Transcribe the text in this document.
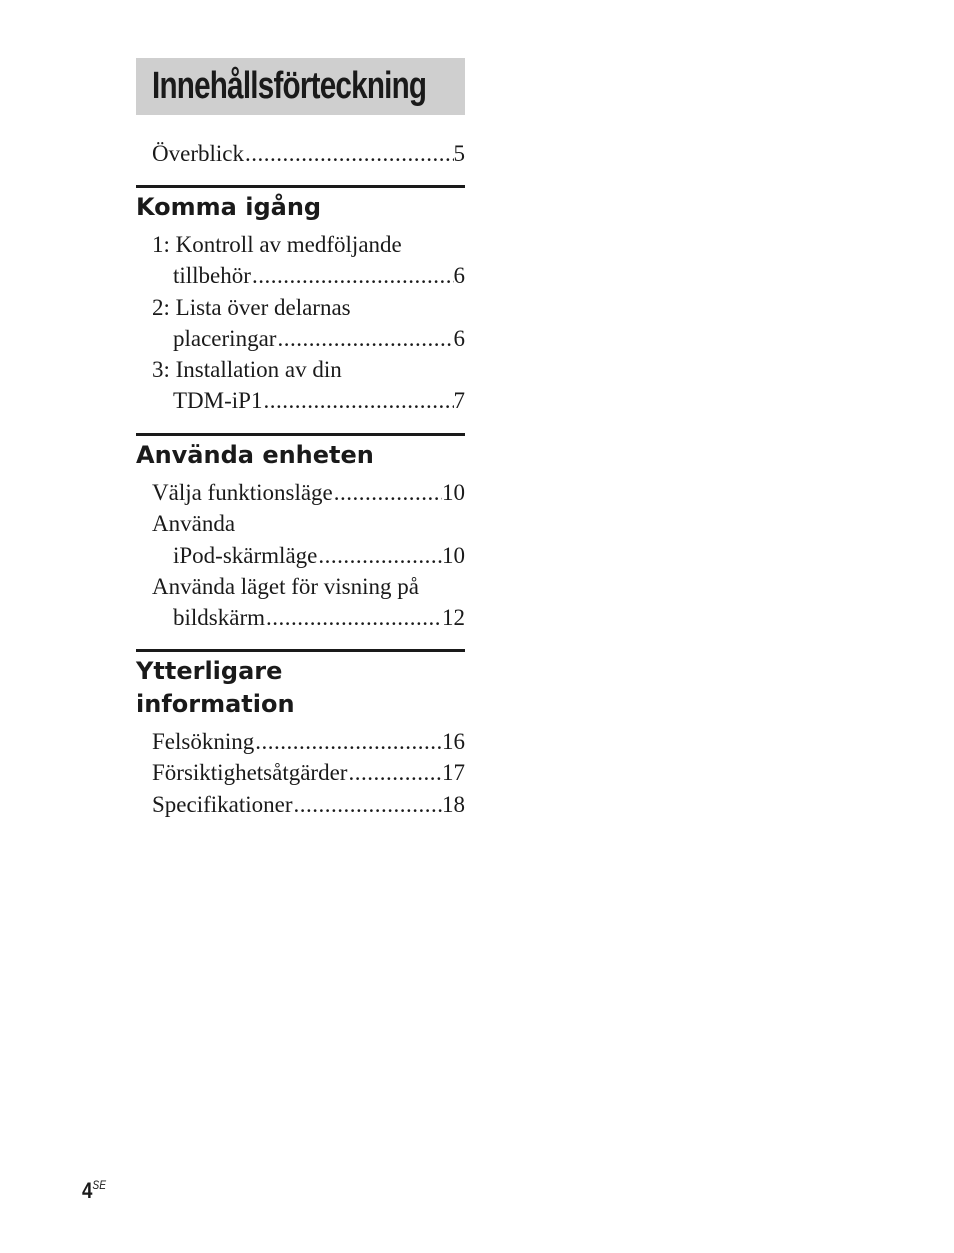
Innehållsförteckning
Överblick .....	5
Komma igång
1: Kontroll av medföljande
tillbehör .....	6
2: Lista över delarnas
placeringar .....	6
3: Installation av din
TDM-iP1 .....	7
Använda enheten
Välja funktionsläge .....	10
Använda
iPod-skärmläge .....	10
Använda läget för visning på
bildskärm .....	12
Ytterligare
information
Felsökning .....	16
Försiktighetsåtgärder .....	17
Specifikationer .....	18
$4^{SE}$
